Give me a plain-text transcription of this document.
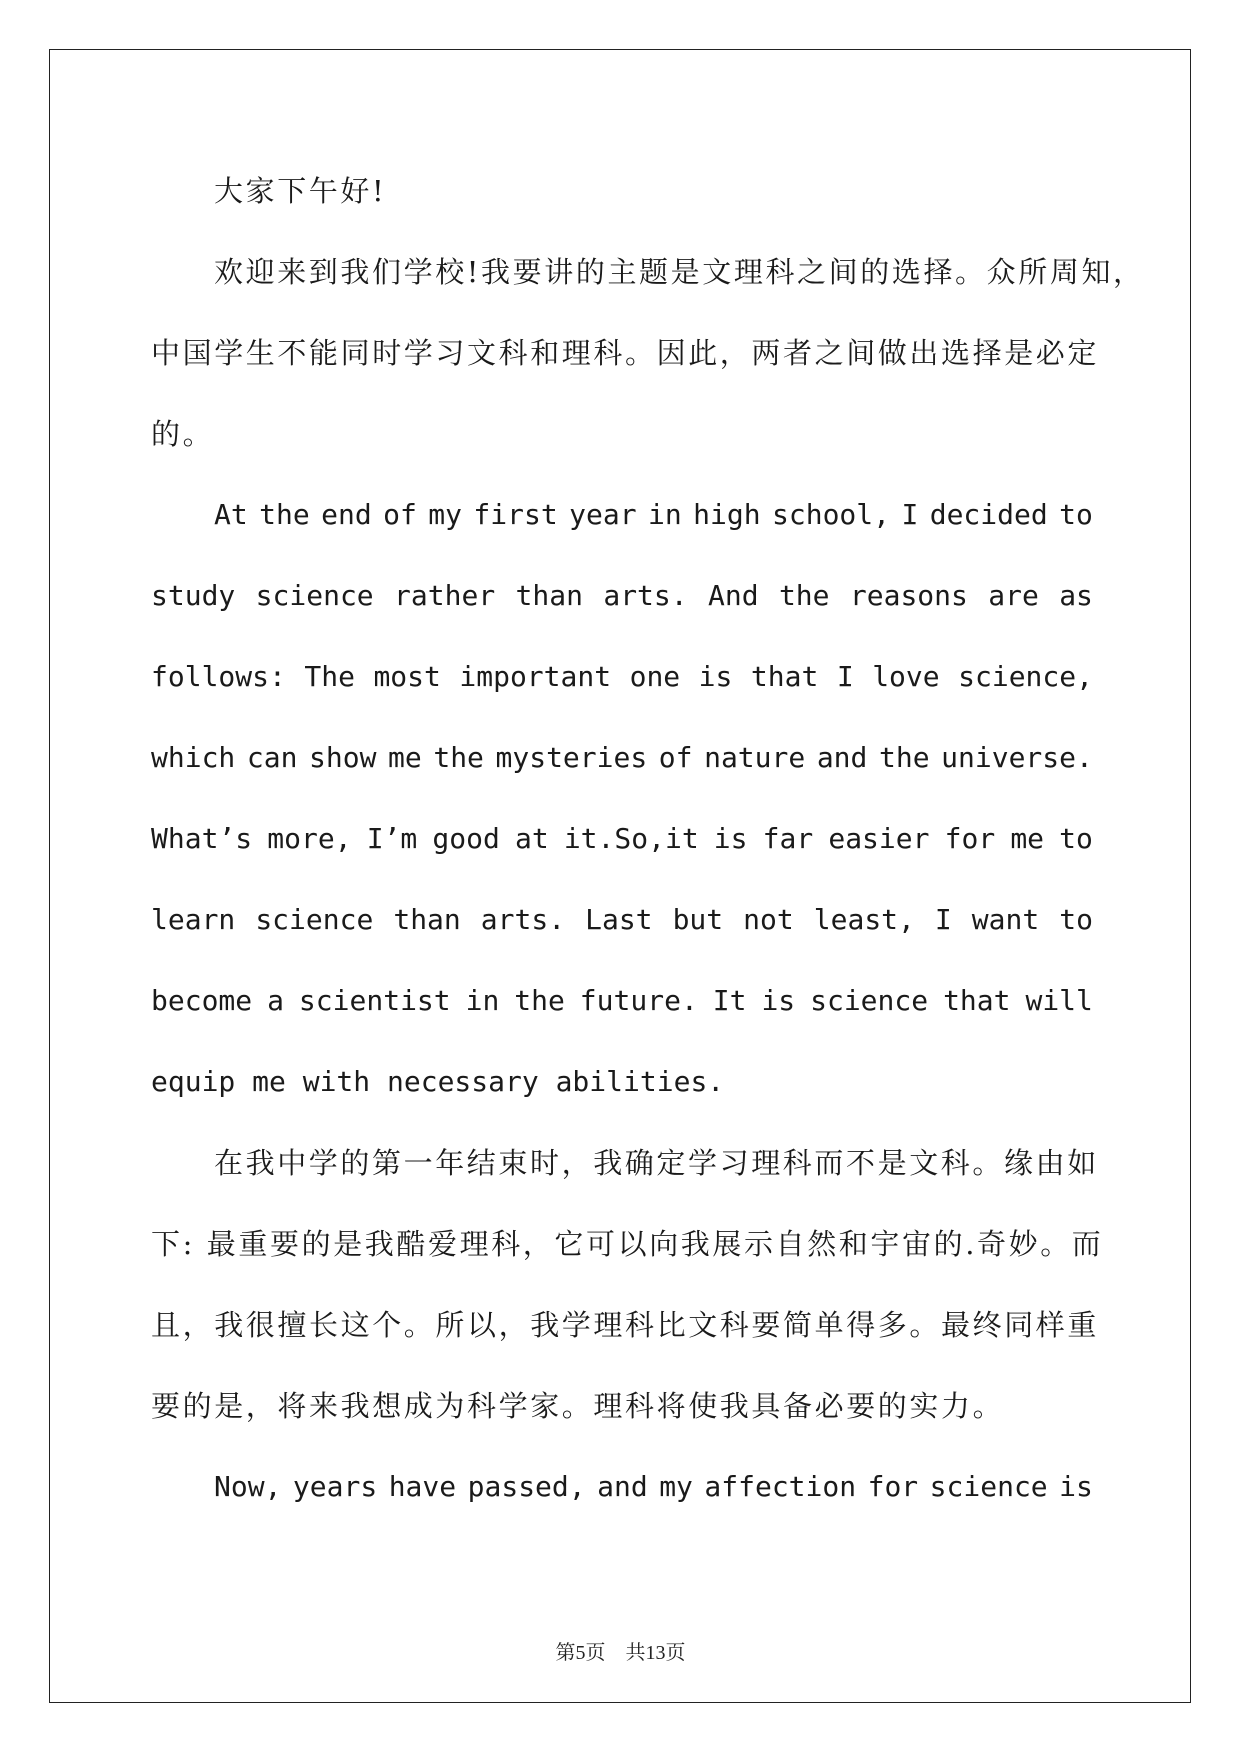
大家下午好!
欢迎来到我们学校!我要讲的主题是文理科之间的选择。众所周知，
中国学生不能同时学习文科和理科。因此，两者之间做出选择是必定
的。
At the end of my first year in high school, I decided to
study science rather than arts. And the reasons are as
follows: The most important one is that I love science,
which can show me the mysteries of nature and the universe.
What’s more, I’m good at it.So,it is far easier for me to
learn science than arts. Last but not least, I want to
become a scientist in the future. It is science that will
equip me with necessary abilities.
在我中学的第一年结束时，我确定学习理科而不是文科。缘由如
下: 最重要的是我酷爱理科，它可以向我展示自然和宇宙的.奇妙。而
且，我很擅长这个。所以，我学理科比文科要简单得多。最终同样重
要的是，将来我想成为科学家。理科将使我具备必要的实力。
Now, years have passed, and my affection for science is
第5页 共13页
